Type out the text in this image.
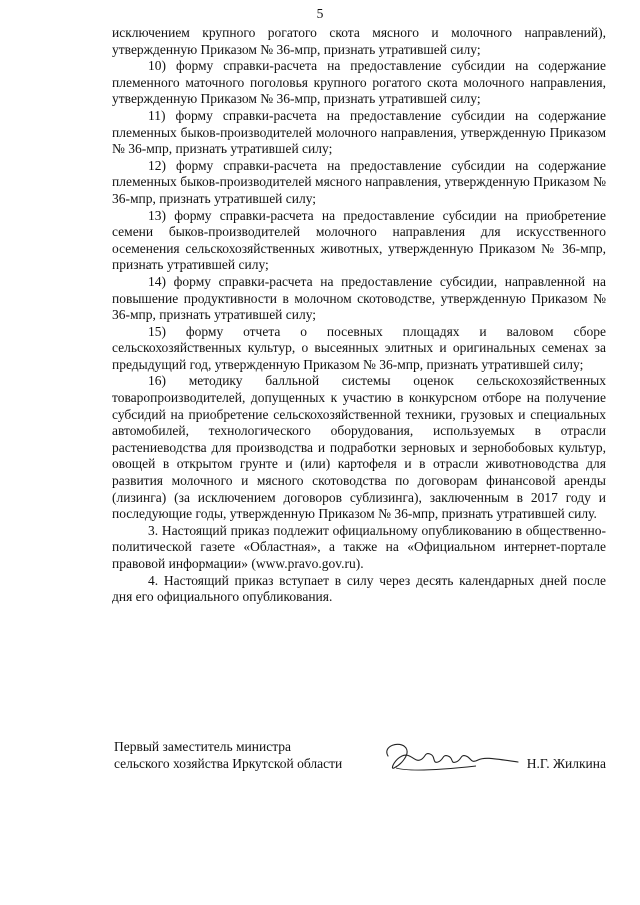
5

исключением крупного рогатого скота мясного и молочного направлений), утвержденную Приказом № 36-мпр, признать утратившей силу;

10) форму справки-расчета на предоставление субсидии на содержание племенного маточного поголовья крупного рогатого скота молочного направления, утвержденную Приказом № 36-мпр, признать утратившей силу;

11) форму справки-расчета на предоставление субсидии на содержание племенных быков-производителей молочного направления, утвержденную Приказом № 36-мпр, признать утратившей силу;

12) форму справки-расчета на предоставление субсидии на содержание племенных быков-производителей мясного направления, утвержденную Приказом № 36-мпр, признать утратившей силу;

13) форму справки-расчета на предоставление субсидии на приобретение семени быков-производителей молочного направления для искусственного осеменения сельскохозяйственных животных, утвержденную Приказом № 36-мпр, признать утратившей силу;

14) форму справки-расчета на предоставление субсидии, направленной на повышение продуктивности в молочном скотоводстве, утвержденную Приказом № 36-мпр, признать утратившей силу;

15) форму отчета о посевных площадях и валовом сборе сельскохозяйственных культур, о высеянных элитных и оригинальных семенах за предыдущий год, утвержденную Приказом № 36-мпр, признать утратившей силу;

16) методику балльной системы оценок сельскохозяйственных товаропроизводителей, допущенных к участию в конкурсном отборе на получение субсидий на приобретение сельскохозяйственной техники, грузовых и специальных автомобилей, технологического оборудования, используемых в отрасли растениеводства для производства и подработки зерновых и зернобобовых культур, овощей в открытом грунте и (или) картофеля и в отрасли животноводства для развития молочного и мясного скотоводства по договорам финансовой аренды (лизинга) (за исключением договоров сублизинга), заключенным в 2017 году и последующие годы, утвержденную Приказом № 36-мпр, признать утратившей силу.

3. Настоящий приказ подлежит официальному опубликованию в общественно-политической газете «Областная», а также на «Официальном интернет-портале правовой информации» (www.pravo.gov.ru).

4. Настоящий приказ вступает в силу через десять календарных дней после дня его официального опубликования.

Первый заместитель министра
сельского хозяйства Иркутской области	Н.Г. Жилкина
